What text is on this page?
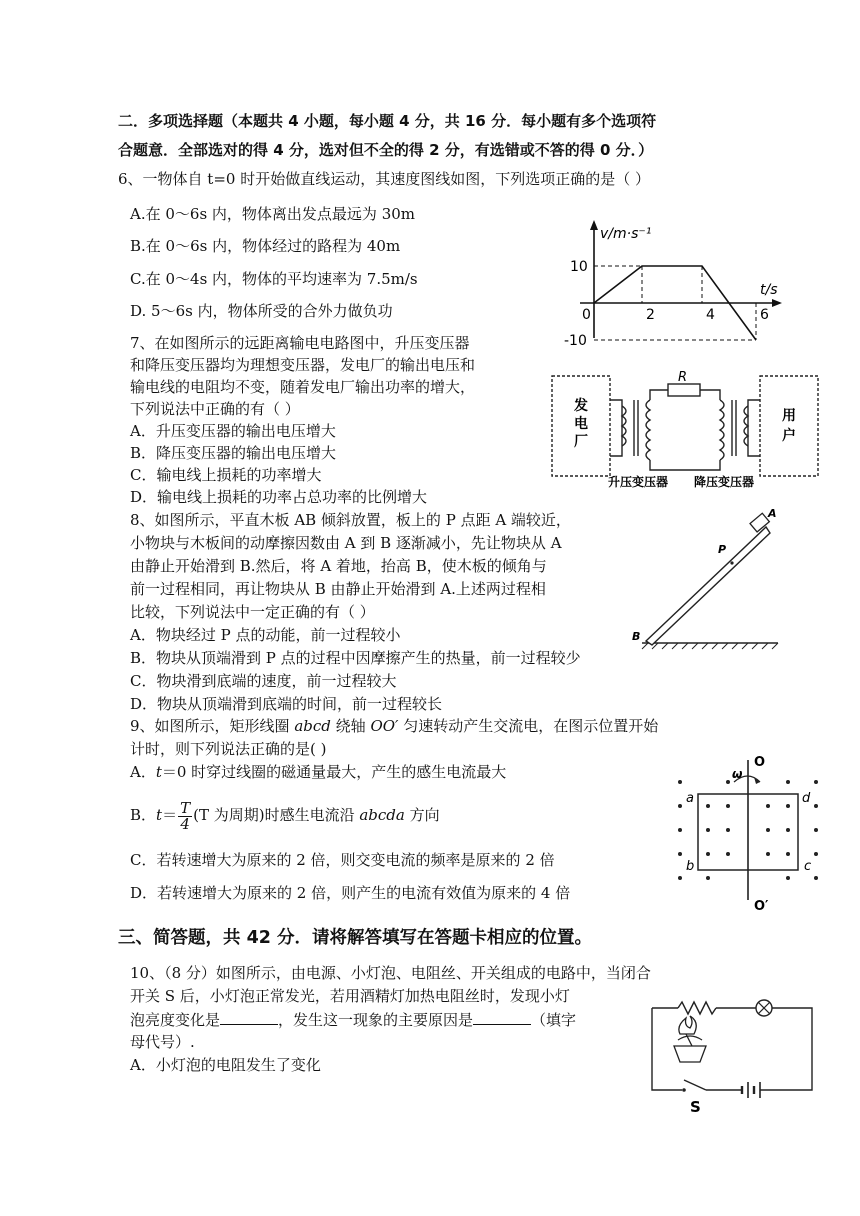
二．多项选择题（本题共 4 小题，每小题 4 分，共 16 分．每小题有多个选项符
合题意．全部选对的得 4 分，选对但不全的得 2 分，有选错或不答的得 0 分．）
6、一物体自 t=0 时开始做直线运动，其速度图线如图，下列选项正确的是（ ）
A.在 0～6s 内，物体离出发点最远为 30m
B.在 0～6s 内，物体经过的路程为 40m
C.在 0～4s 内，物体的平均速率为 7.5m/s
D. 5～6s 内，物体所受的合外力做负功
v/m·s⁻¹
t/s
10
-10
0	2	4	6
7、在如图所示的远距离输电电路图中，升压变压器
和降压变压器均为理想变压器，发电厂的输出电压和
输电线的电阻均不变，随着发电厂输出功率的增大，
下列说法中正确的有（ ）
A．升压变压器的输出电压增大
B．降压变压器的输出电压增大
C．输电线上损耗的功率增大
D．输电线上损耗的功率占总功率的比例增大
发
电
厂
用
户
R
升压变压器 降压变压器
8、如图所示，平直木板 AB 倾斜放置，板上的 P 点距 A 端较近，
小物块与木板间的动摩擦因数由 A 到 B 逐渐减小，先让物块从 A
由静止开始滑到 B.然后，将 A 着地，抬高 B，使木板的倾角与
前一过程相同，再让物块从 B 由静止开始滑到 A.上述两过程相
比较，下列说法中一定正确的有（ ）
A．物块经过 P 点的动能，前一过程较小
B．物块从顶端滑到 P 点的过程中因摩擦产生的热量，前一过程较少
C．物块滑到底端的速度，前一过程较大
D．物块从顶端滑到底端的时间，前一过程较长
A
P
B
9、如图所示，矩形线圈 abcd 绕轴 OO′ 匀速转动产生交流电，在图示位置开始
计时，则下列说法正确的是( )
A．t＝0 时穿过线圈的磁通量最大，产生的感生电流最大
B．$t= \frac{T}{4} (T$ 为周期)时感生电流沿 abcda 方向
C．若转速增大为原来的 2 倍，则交变电流的频率是原来的 2 倍
D．若转速增大为原来的 2 倍，则产生的电流有效值为原来的 4 倍
O
O′
ω
a
b	c
d
三、简答题，共 42 分．请将解答填写在答题卡相应的位置。
10、（8 分）如图所示，由电源、小灯泡、电阻丝、开关组成的电路中，当闭合
开关 S 后，小灯泡正常发光，若用酒精灯加热电阻丝时，发现小灯
泡亮度变化是	，发生这一现象的主要原因是	（填字
母代号）.
A．小灯泡的电阻发生了变化
S
